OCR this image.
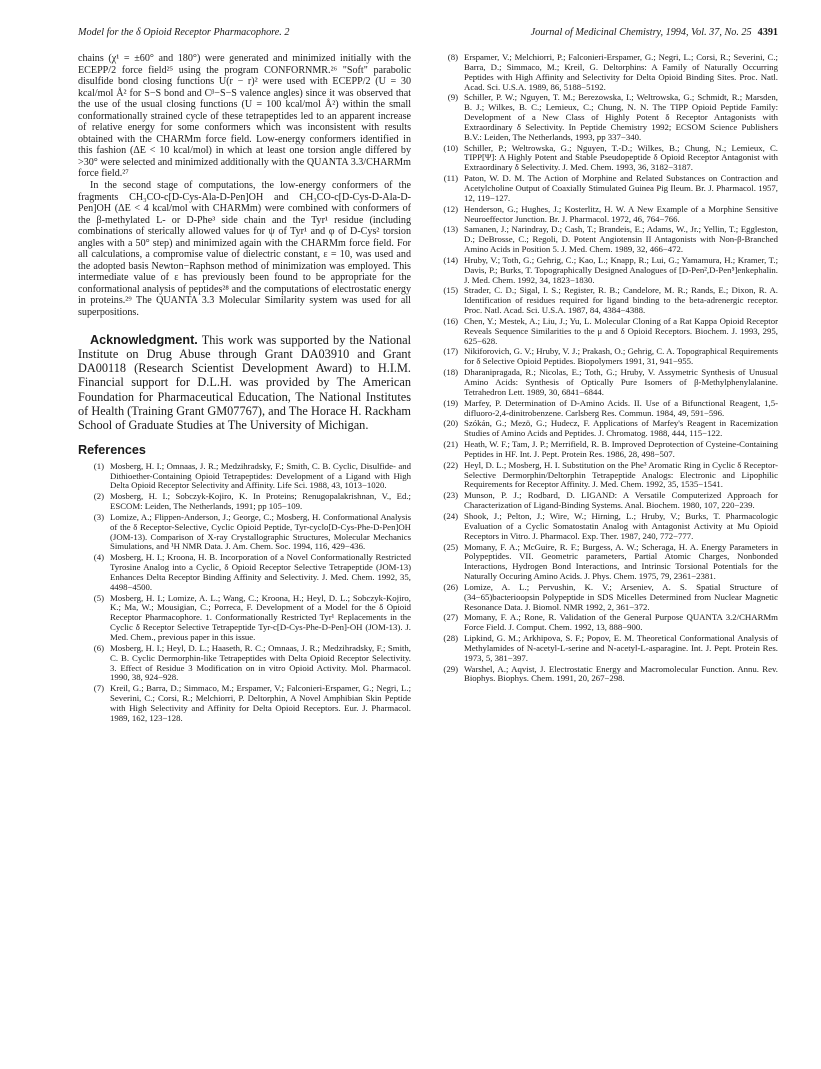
Model for the δ Opioid Receptor Pharmacophore. 2	Journal of Medicinal Chemistry, 1994, Vol. 37, No. 25 4391

chains (χ¹ = ±60° and 180°) were generated and minimized initially with the ECEPP/2 force field²⁵ using the program CONFORNMR.²⁶ "Soft" parabolic disulfide bond closing functions U(r − r)² were used with ECEPP/2 (U = 30 kcal/mol Å² for S−S bond and Cᵝ−S−S valence angles) since it was observed that the use of the usual closing functions (U = 100 kcal/mol Å²) within the small conformationally strained cycle of these tetrapeptides led to an apparent increase of relative energy for some conformers which was inconsistent with results obtained with the CHARMm force field. Low-energy conformers identified in this fashion (ΔE < 10 kcal/mol) in which at least one torsion angle differed by >30° were selected and minimized additionally with the QUANTA 3.3/CHARMm force field.²⁷

In the second stage of computations, the low-energy conformers of the fragments CH₃CO-c[D-Cys-Ala-D-Pen]OH and CH₃CO-c[D-Cys-D-Ala-D-Pen]OH (ΔE < 4 kcal/mol with CHARMm) were combined with conformers of the β-methylated L- or D-Phe³ side chain and the Tyr¹ residue (including combinations of sterically allowed values for ψ of Tyr¹ and φ of D-Cys² torsion angles with a 50° step) and minimized again with the CHARMm force field. For all calculations, a compromise value of dielectric constant, ε = 10, was used and the adopted basis Newton−Raphson method of minimization was employed. This intermediate value of ε has previously been found to be appropriate for the conformational analysis of peptides²⁸ and the computations of electrostatic energy in proteins.²⁹ The QUANTA 3.3 Molecular Similarity system was used for all superpositions.

Acknowledgment. This work was supported by the National Institute on Drug Abuse through Grant DA03910 and Grant DA00118 (Research Scientist Development Award) to H.I.M. Financial support for D.L.H. was provided by The American Foundation for Pharmaceutical Education, The National Institutes of Health (Training Grant GM07767), and The Horace H. Rackham School of Graduate Studies at The University of Michigan.

References
(1) Mosberg, H. I.; Omnaas, J. R.; Medzihradsky, F.; Smith, C. B. Cyclic, Disulfide- and Dithioether-Containing Opioid Tetrapeptides: Development of a Ligand with High Delta Opioid Receptor Selectivity and Affinity. Life Sci. 1988, 43, 1013−1020.
(2) Mosberg, H. I.; Sobczyk-Kojiro, K. In Proteins; Renugopalakrishnan, V., Ed.; ESCOM: Leiden, The Netherlands, 1991; pp 105−109.
(3) Lomize, A.; Flippen-Anderson, J.; George, C.; Mosberg, H. Conformational Analysis of the δ Receptor-Selective, Cyclic Opioid Peptide, Tyr-cyclo[D-Cys-Phe-D-Pen]OH (JOM-13). Comparison of X-ray Crystallographic Structures, Molecular Mechanics Simulations, and ¹H NMR Data. J. Am. Chem. Soc. 1994, 116, 429−436.
(4) Mosberg, H. I.; Kroona, H. B. Incorporation of a Novel Conformationally Restricted Tyrosine Analog into a Cyclic, δ Opioid Receptor Selective Tetrapeptide (JOM-13) Enhances Delta Receptor Binding Affinity and Selectivity. J. Med. Chem. 1992, 35, 4498−4500.
(5) Mosberg, H. I.; Lomize, A. L.; Wang, C.; Kroona, H.; Heyl, D. L.; Sobczyk-Kojiro, K.; Ma, W.; Mousigian, C.; Porreca, F. Development of a Model for the δ Opioid Receptor Pharmacophore. 1. Conformationally Restricted Tyr¹ Replacements in the Cyclic δ Receptor Selective Tetrapeptide Tyr-c[D-Cys-Phe-D-Pen]-OH (JOM-13). J. Med. Chem., previous paper in this issue.
(6) Mosberg, H. I.; Heyl, D. L.; Haaseth, R. C.; Omnaas, J. R.; Medzihradsky, F.; Smith, C. B. Cyclic Dermorphin-like Tetrapeptides with Delta Opioid Receptor Selectivity. 3. Effect of Residue 3 Modification on in vitro Opioid Activity. Mol. Pharmacol. 1990, 38, 924−928.
(7) Kreil, G.; Barra, D.; Simmaco, M.; Erspamer, V.; Falconieri-Erspamer, G.; Negri, L.; Severini, C.; Corsi, R.; Melchiorri, P. Deltorphin, A Novel Amphibian Skin Peptide with High Selectivity and Affinity for Delta Opioid Receptors. Eur. J. Pharmacol. 1989, 162, 123−128.
(8) Erspamer, V.; Melchiorri, P.; Falconieri-Erspamer, G.; Negri, L.; Corsi, R.; Severini, C.; Barra, D.; Simmaco, M.; Kreil, G. Deltorphins: A Family of Naturally Occurring Peptides with High Affinity and Selectivity for Delta Opioid Binding Sites. Proc. Natl. Acad. Sci. U.S.A. 1989, 86, 5188−5192.
(9) Schiller, P. W.; Nguyen, T. M.; Berezowska, I.; Weltrowska, G.; Schmidt, R.; Marsden, B. J.; Wilkes, B. C.; Lemieux, C.; Chung, N. N. The TIPP Opioid Peptide Family: Development of a New Class of Highly Potent δ Receptor Antagonists with Extraordinary δ Selectivity. In Peptide Chemistry 1992; ECSOM Science Publishers B.V.: Leiden, The Netherlands, 1993, pp 337−340.
(10) Schiller, P.; Weltrowska, G.; Nguyen, T.-D.; Wilkes, B.; Chung, N.; Lemieux, C. TIPP[Ψ]: A Highly Potent and Stable Pseudopeptide δ Opioid Receptor Antagonist with Extraordinary δ Selectivity. J. Med. Chem. 1993, 36, 3182−3187.
(11) Paton, W. D. M. The Action of Morphine and Related Substances on Contraction and Acetylcholine Output of Coaxially Stimulated Guinea Pig Ileum. Br. J. Pharmacol. 1957, 12, 119−127.
(12) Henderson, G.; Hughes, J.; Kosterlitz, H. W. A New Example of a Morphine Sensitive Neuroeffector Junction. Br. J. Pharmacol. 1972, 46, 764−766.
(13) Samanen, J.; Narindray, D.; Cash, T.; Brandeis, E.; Adams, W., Jr.; Yellin, T.; Eggleston, D.; DeBrosse, C.; Regoli, D. Potent Angiotensin II Antagonists with Non-β-Branched Amino Acids in Position 5. J. Med. Chem. 1989, 32, 466−472.
(14) Hruby, V.; Toth, G.; Gehrig, C.; Kao, L.; Knapp, R.; Lui, G.; Yamamura, H.; Kramer, T.; Davis, P.; Burks, T. Topographically Designed Analogues of [D-Pen²,D-Pen⁵]enkephalin. J. Med. Chem. 1992, 34, 1823−1830.
(15) Strader, C. D.; Sigal, I. S.; Register, R. B.; Candelore, M. R.; Rands, E.; Dixon, R. A. Identification of residues required for ligand binding to the beta-adrenergic receptor. Proc. Natl. Acad. Sci. U.S.A. 1987, 84, 4384−4388.
(16) Chen, Y.; Mestek, A.; Liu, J.; Yu, L. Molecular Cloning of a Rat Kappa Opioid Receptor Reveals Sequence Similarities to the μ and δ Opioid Receptors. Biochem. J. 1993, 295, 625−628.
(17) Nikiforovich, G. V.; Hruby, V. J.; Prakash, O.; Gehrig, C. A. Topographical Requirements for δ Selective Opioid Peptides. Biopolymers 1991, 31, 941−955.
(18) Dharanipragada, R.; Nicolas, E.; Toth, G.; Hruby, V. Assymetric Synthesis of Unusual Amino Acids: Synthesis of Optically Pure Isomers of β-Methylphenylalanine. Tetrahedron Lett. 1989, 30, 6841−6844.
(19) Marfey, P. Determination of D-Amino Acids. II. Use of a Bifunctional Reagent, 1,5-difluoro-2,4-dinitrobenzene. Carlsberg Res. Commun. 1984, 49, 591−596.
(20) Szókán, G.; Mezö, G.; Hudecz, F. Applications of Marfey's Reagent in Racemization Studies of Amino Acids and Peptides. J. Chromatog. 1988, 444, 115−122.
(21) Heath, W. F.; Tam, J. P.; Merrifield, R. B. Improved Deprotection of Cysteine-Containing Peptides in HF. Int. J. Pept. Protein Res. 1986, 28, 498−507.
(22) Heyl, D. L.; Mosberg, H. I. Substitution on the Phe³ Aromatic Ring in Cyclic δ Receptor-Selective Dermorphin/Deltorphin Tetrapeptide Analogs: Electronic and Lipophilic Requirements for Receptor Affinity. J. Med. Chem. 1992, 35, 1535−1541.
(23) Munson, P. J.; Rodbard, D. LIGAND: A Versatile Computerized Approach for Characterization of Ligand-Binding Systems. Anal. Biochem. 1980, 107, 220−239.
(24) Shook, J.; Pelton, J.; Wire, W.; Hirning, L.; Hruby, V.; Burks, T. Pharmacologic Evaluation of a Cyclic Somatostatin Analog with Antagonist Activity at Mu Opioid Receptors in Vitro. J. Pharmacol. Exp. Ther. 1987, 240, 772−777.
(25) Momany, F. A.; McGuire, R. F.; Burgess, A. W.; Scheraga, H. A. Energy Parameters in Polypeptides. VII. Geometric parameters, Partial Atomic Charges, Nonbonded Interactions, Hydrogen Bond Interactions, and Intrinsic Torsional Potentials for the Naturally Occuring Amino Acids. J. Phys. Chem. 1975, 79, 2361−2381.
(26) Lomize, A. L.; Pervushin, K. V.; Arseniev, A. S. Spatial Structure of (34−65)bacterioopsin Polypeptide in SDS Micelles Determined from Nuclear Magnetic Resonance Data. J. Biomol. NMR 1992, 2, 361−372.
(27) Momany, F. A.; Rone, R. Validation of the General Purpose QUANTA 3.2/CHARMm Force Field. J. Comput. Chem. 1992, 13, 888−900.
(28) Lipkind, G. M.; Arkhipova, S. F.; Popov, E. M. Theoretical Conformational Analysis of Methylamides of N-acetyl-L-serine and N-acetyl-L-asparagine. Int. J. Pept. Protein Res. 1973, 5, 381−397.
(29) Warshel, A.; Aqvist, J. Electrostatic Energy and Macromolecular Function. Annu. Rev. Biophys. Biophys. Chem. 1991, 20, 267−298.
